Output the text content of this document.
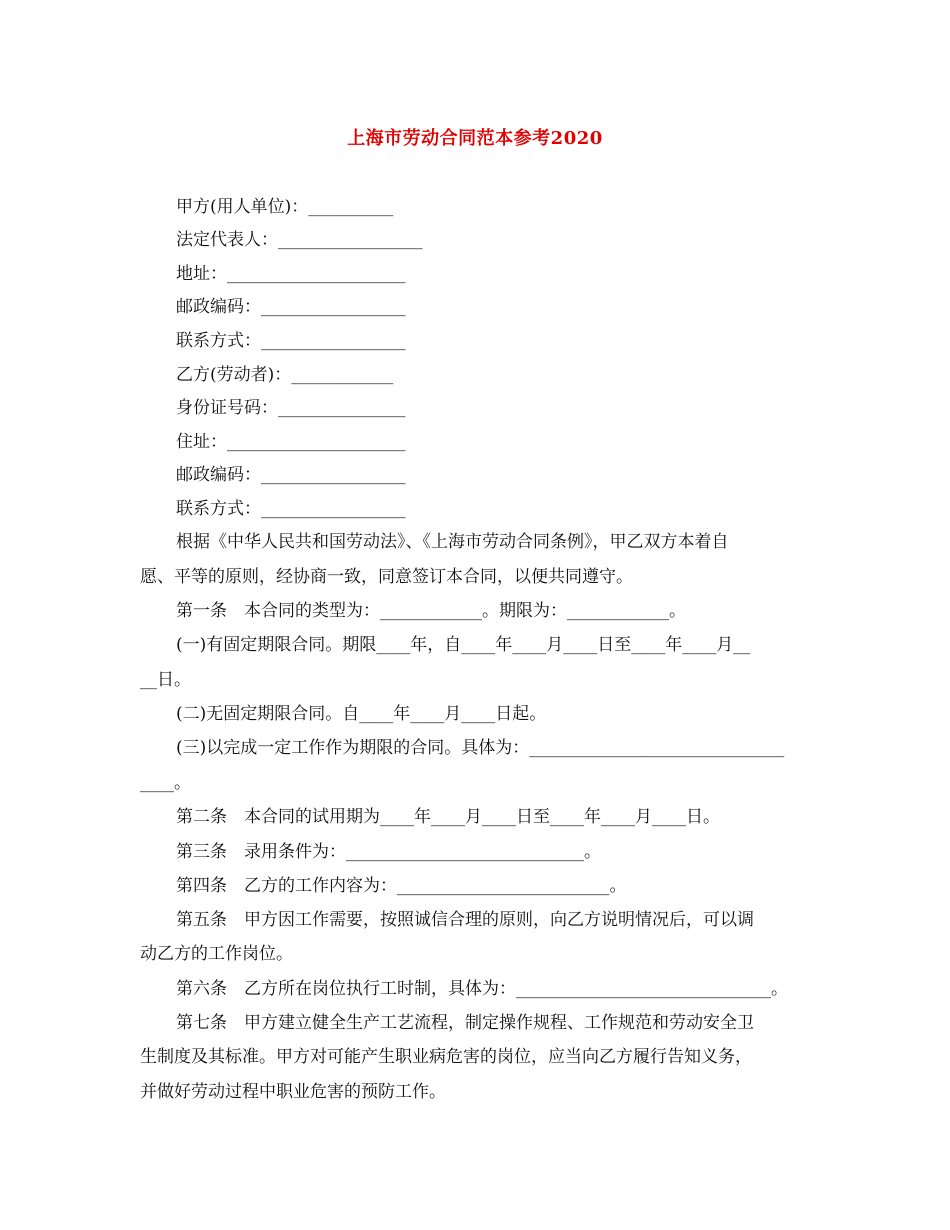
上海市劳动合同范本参考2020
甲方(用人单位)：__________
法定代表人：_________________
地址：_____________________
邮政编码：_________________
联系方式：_________________
乙方(劳动者)：____________
身份证号码：_______________
住址：_____________________
邮政编码：_________________
联系方式：_________________
根据《中华人民共和国劳动法》、《上海市劳动合同条例》，甲乙双方本着自
愿、平等的原则，经协商一致，同意签订本合同，以便共同遵守。
第一条　本合同的类型为：____________。期限为：____________。
(一)有固定期限合同。期限____年，自____年____月____日至____年____月__
__日。
(二)无固定期限合同。自____年____月____日起。
(三)以完成一定工作作为期限的合同。具体为：______________________________
____。
第二条　本合同的试用期为____年____月____日至____年____月____日。
第三条　录用条件为：____________________________。
第四条　乙方的工作内容为：_________________________。
第五条　甲方因工作需要，按照诚信合理的原则，向乙方说明情况后，可以调
动乙方的工作岗位。
第六条　乙方所在岗位执行工时制，具体为：______________________________。
第七条　甲方建立健全生产工艺流程，制定操作规程、工作规范和劳动安全卫
生制度及其标准。甲方对可能产生职业病危害的岗位，应当向乙方履行告知义务，
并做好劳动过程中职业危害的预防工作。
